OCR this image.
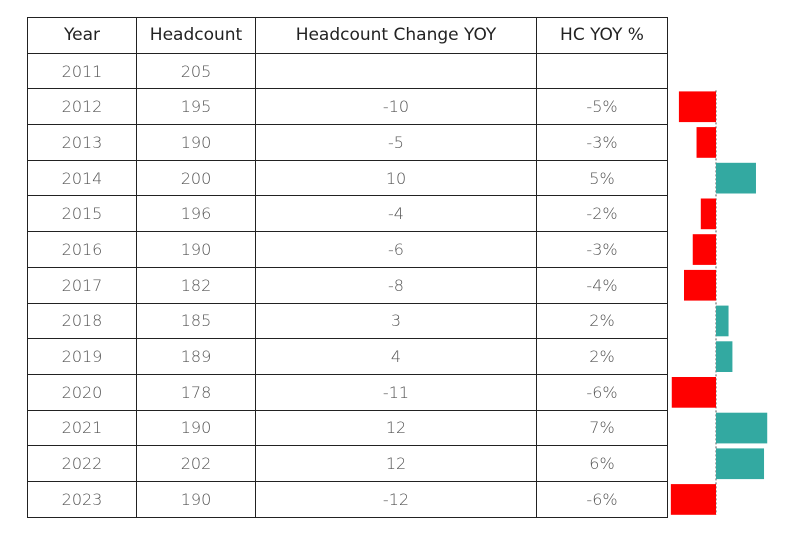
Year	Headcount	Headcount Change YOY	HC YOY %
2011	205		
2012	195	-10	-5%
2013	190	-5	-3%
2014	200	10	5%
2015	196	-4	-2%
2016	190	-6	-3%
2017	182	-8	-4%
2018	185	3	2%
2019	189	4	2%
2020	178	-11	-6%
2021	190	12	7%
2022	202	12	6%
2023	190	-12	-6%
